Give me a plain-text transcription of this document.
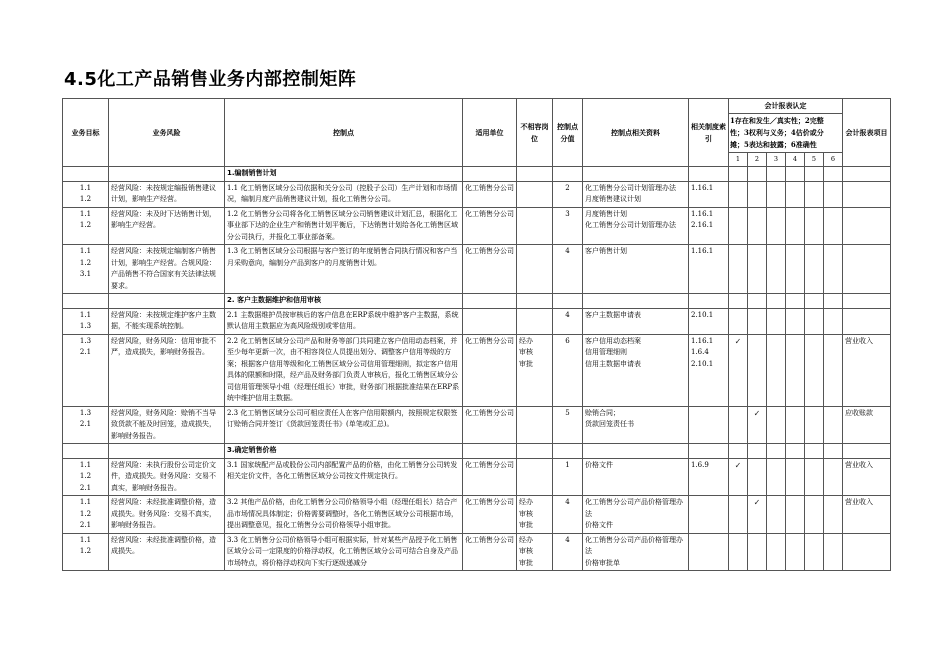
4.5化工产品销售业务内部控制矩阵
业务目标	业务风险	控制点	适用单位	不相容岗位	控制点分值	控制点相关资料	相关制度索引	会计报表认定						会计报表项目

								1存在和发生／真实性；2完整
性；3权利与义务；4估价或分
摊；5表达和披露；6准确性						

								1	2	3	4	5	6	
		1.编制销售计划												

1.1
1.2	经营风险：未按规定编报销售建议计划，影响生产经营。	1.1 化工销售区域分公司依据和关分公司（控股子公司）生产计划和市场情况，编制月度产品销售建议计划，报化工销售分公司。	化工销售分公司		2	化工销售分公司计划管理办法
月度销售建议计划	1.16.1							

1.1
1.2	经营风险：未及时下达销售计划，影响生产经营。	1.2 化工销售分公司将各化工销售区域分公司销售建议计划汇总，根据化工事业部下达的企业生产和销售计划平衡后，下达销售计划给各化工销售区域分公司执行，并报化工事业部备案。	化工销售分公司		3	月度销售计划
化工销售分公司计划管理办法	1.16.1
2.16.1							

1.1
1.2
3.1	经营风险：未按规定编制客户销售计划，影响生产经营。合规风险：产品销售不符合国家有关法律法规要求。	1.3 化工销售区域分公司根据与客户签订的年度销售合同执行情况和客户当月采购意向，编制分产品到客户的月度销售计划。	化工销售分公司		4	客户销售计划	1.16.1							

		2. 客户主数据维护和信用审核												

1.1
1.3	经营风险：未按规定维护客户主数据，不能实现系统控制。	2.1 主数据维护员按审核后的客户信息在ERP系统中维护客户主数据，系统默认信用主数据应为高风险级别或零信用。			4	客户主数据申请表	2.10.1							

1.3
2.1	经营风险，财务风险：信用审批不严，造成损失，影响财务报告。	2.2 化工销售区域分公司产品和财务等部门共同建立客户信用动态档案，并至少每年更新一次，由不相容岗位人员提出划分、调整客户信用等级的方案；根据客户信用等级和化工销售区域分公司信用管理细则，拟定客户信用具体的限额和时限，经产品及财务部门负责人审核后，报化工销售区域分公司信用管理领导小组（经理任组长）审批，财务部门根据批准结果在ERP系统中维护信用主数据。	化工销售分公司	经办
审核
审批	6	客户信用动态档案
信用管理细则
信用主数据申请表	1.16.1
1.6.4
2.10.1	✓						营业收入

1.3
2.1	经营风险，财务风险：赊销不当导致货款不能及时回笼，造成损失，影响财务报告。	2.3 化工销售区域分公司可相应责任人在客户信用限额内，按照规定权限签订赊销合同并签订《货款回笼责任书》(单笔或汇总)。	化工销售分公司		5	赊销合同；
货款回笼责任书			✓					应收账款
		3.确定销售价格												

1.1
1.2
2.1	经营风险：未执行股份公司定价文件，造成损失。财务风险：交易不真实，影响财务报告。	3.1 国家统配产品或股份公司内部配置产品的价格，由化工销售分公司转发相关定价文件，各化工销售区域分公司按文件规定执行。	化工销售分公司		1	价格文件	1.6.9	✓						营业收入

1.1
1.2
2.1	经营风险：未经批准调整价格，造成损失。财务风险：交易不真实，影响财务报告。	3.2 其他产品价格，由化工销售分公司价格领导小组（经理任组长）结合产品市场情况具体制定；价格需要调整时，各化工销售区域分公司根据市场，提出调整意见，报化工销售分公司价格领导小组审批。	化工销售分公司	经办
审核
审批	4	化工销售分公司产品价格管理办法
价格文件			✓					营业收入

1.1
1.2	经营风险：未经批准调整价格，造成损失。	3.3 化工销售分公司价格领导小组可根据实际，针对某些产品授予化工销售区域分公司一定限度的价格浮动权，化工销售区域分公司可结合自身及产品市场特点，将价格浮动权向下实行逐级递减分	化工销售分公司	经办
审核
审批	4	化工销售分公司产品价格管理办法
价格审批单								
